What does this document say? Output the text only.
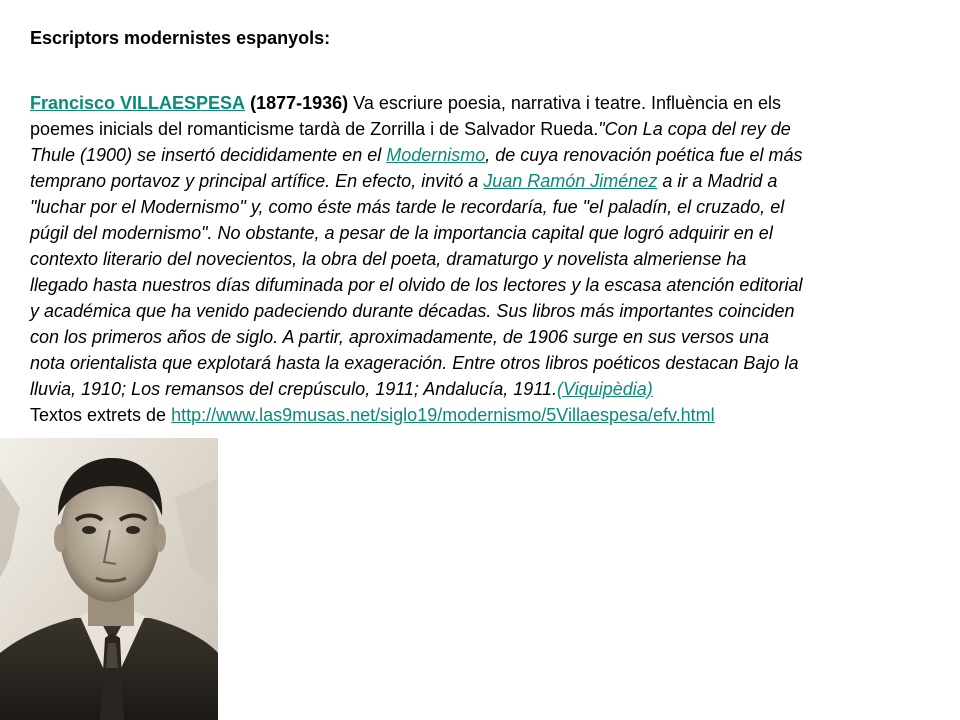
Escriptors modernistes espanyols:
Francisco VILLAESPESA (1877-1936) Va escriure poesia, narrativa i teatre. Influència en els
poemes inicials del romanticisme tardà de Zorrilla i de Salvador Rueda."Con La copa del rey de
Thule (1900) se insertó decididamente en el Modernismo, de cuya renovación poética fue el más
temprano portavoz y principal artífice. En efecto, invitó a Juan Ramón Jiménez a ir a Madrid a
"luchar por el Modernismo" y, como éste más tarde le recordaría, fue "el paladín, el cruzado, el
púgil del modernismo". No obstante, a pesar de la importancia capital que logró adquirir en el
contexto literario del novecientos, la obra del poeta, dramaturgo y novelista almeriense ha
llegado hasta nuestros días difuminada por el olvido de los lectores y la escasa atención editorial
y académica que ha venido padeciendo durante décadas. Sus libros más importantes coinciden
con los primeros años de siglo. A partir, aproximadamente, de 1906 surge en sus versos una
nota orientalista que explotará hasta la exageración. Entre otros libros poéticos destacan Bajo la
lluvia, 1910; Los remansos del crepúsculo, 1911; Andalucía, 1911.(Viquipèdia)
Textos extrets de http://www.las9musas.net/siglo19/modernismo/5Villaespesa/efv.html
